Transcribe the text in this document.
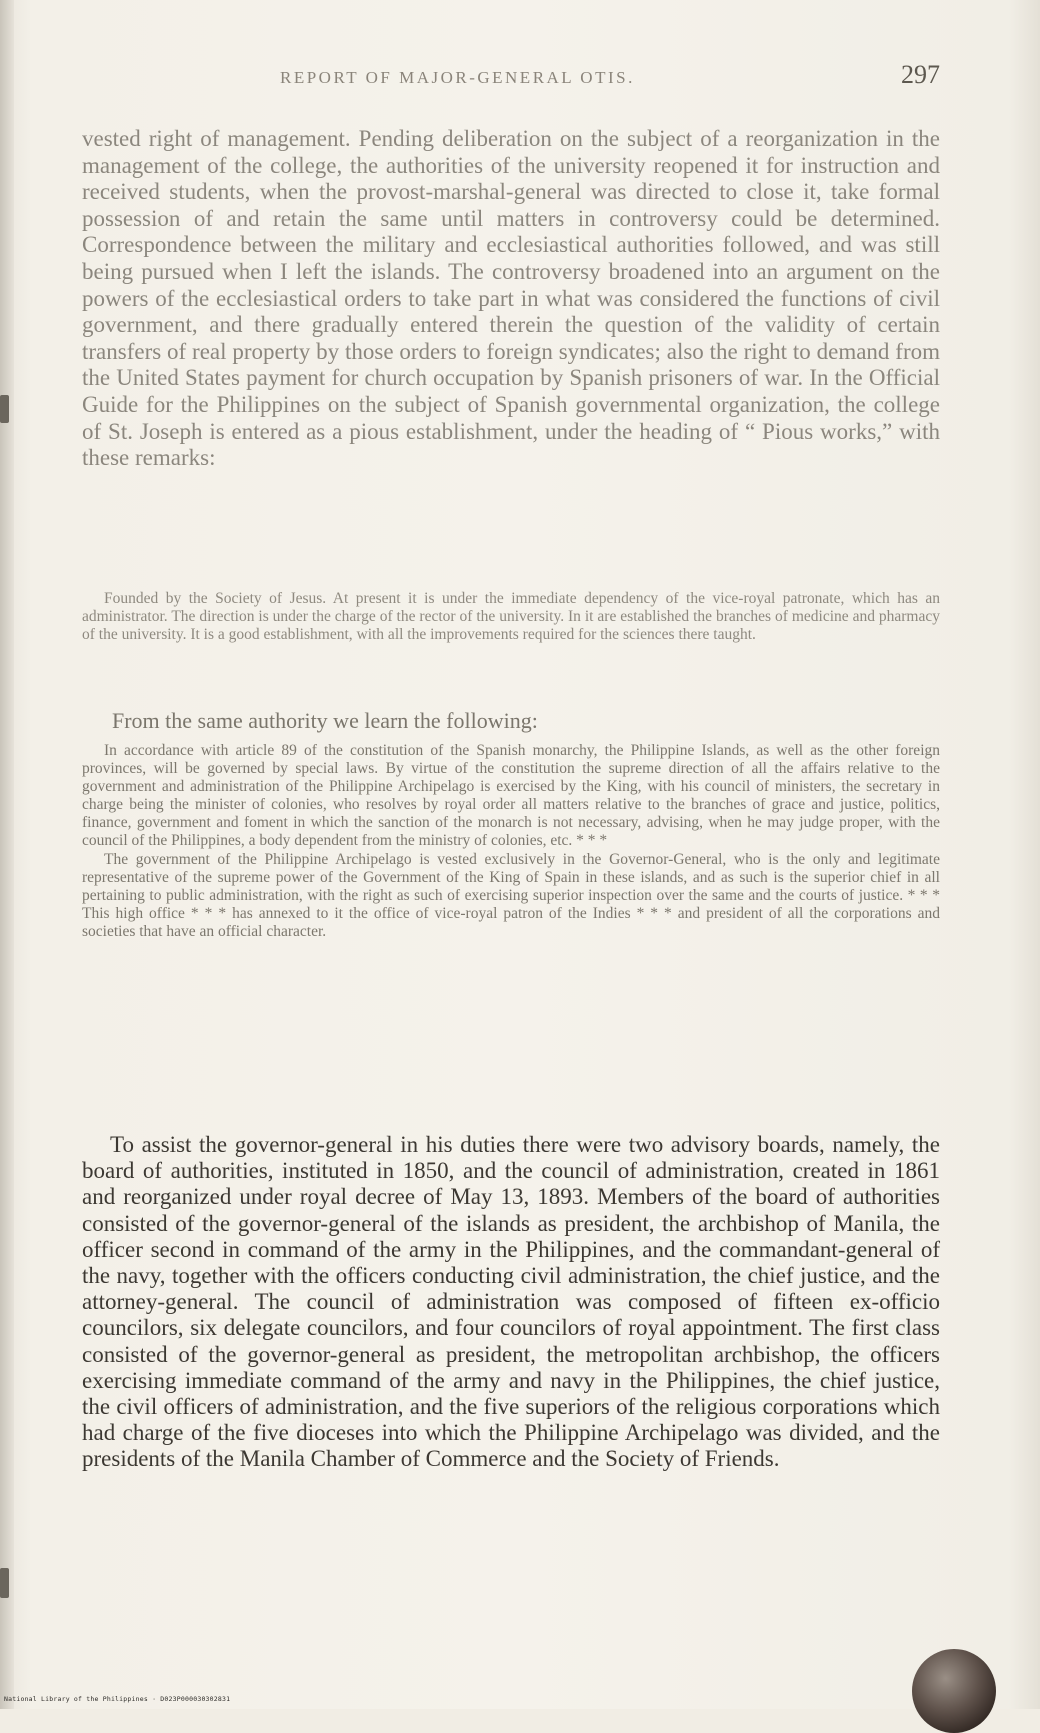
REPORT OF MAJOR-GENERAL OTIS.	297
vested right of management. Pending deliberation on the subject of a reorganization in the management of the college, the authorities of the university reopened it for instruction and received students, when the provost-marshal-general was directed to close it, take formal possession of and retain the same until matters in controversy could be determined. Correspondence between the military and ecclesiastical authorities followed, and was still being pursued when I left the islands. The controversy broadened into an argument on the powers of the ecclesiastical orders to take part in what was considered the functions of civil government, and there gradually entered therein the question of the validity of certain transfers of real property by those orders to foreign syndicates; also the right to demand from the United States payment for church occupation by Spanish prisoners of war. In the Official Guide for the Philippines on the subject of Spanish governmental organization, the college of St. Joseph is entered as a pious establishment, under the heading of “ Pious works,” with these remarks:
Founded by the Society of Jesus. At present it is under the immediate dependency of the vice-royal patronate, which has an administrator. The direction is under the charge of the rector of the university. In it are established the branches of medicine and pharmacy of the university. It is a good establishment, with all the improvements required for the sciences there taught.
From the same authority we learn the following:

In accordance with article 89 of the constitution of the Spanish monarchy, the Philippine Islands, as well as the other foreign provinces, will be governed by special laws. By virtue of the constitution the supreme direction of all the affairs relative to the government and administration of the Philippine Archipelago is exercised by the King, with his council of ministers, the secretary in charge being the minister of colonies, who resolves by royal order all matters relative to the branches of grace and justice, politics, finance, government and foment in which the sanction of the monarch is not necessary, advising, when he may judge proper, with the council of the Philippines, a body dependent from the ministry of colonies, etc. * * *

The government of the Philippine Archipelago is vested exclusively in the Governor-General, who is the only and legitimate representative of the supreme power of the Government of the King of Spain in these islands, and as such is the superior chief in all pertaining to public administration, with the right as such of exercising superior inspection over the same and the courts of justice. * * * This high office * * * has annexed to it the office of vice-royal patron of the Indies * * * and president of all the corporations and societies that have an official character.

To assist the governor-general in his duties there were two advisory boards, namely, the board of authorities, instituted in 1850, and the council of administration, created in 1861 and reorganized under royal decree of May 13, 1893. Members of the board of authorities consisted of the governor-general of the islands as president, the archbishop of Manila, the officer second in command of the army in the Philippines, and the commandant-general of the navy, together with the officers conducting civil administration, the chief justice, and the attorney-general. The council of administration was composed of fifteen ex-officio councilors, six delegate councilors, and four councilors of royal appointment. The first class consisted of the governor-general as president, the metropolitan archbishop, the officers exercising immediate command of the army and navy in the Philippines, the chief justice, the civil officers of administration, and the five superiors of the religious corporations which had charge of the five dioceses into which the Philippine Archipelago was divided, and the presidents of the Manila Chamber of Commerce and the Society of Friends.
National Library of the Philippines · D023P000030302831
